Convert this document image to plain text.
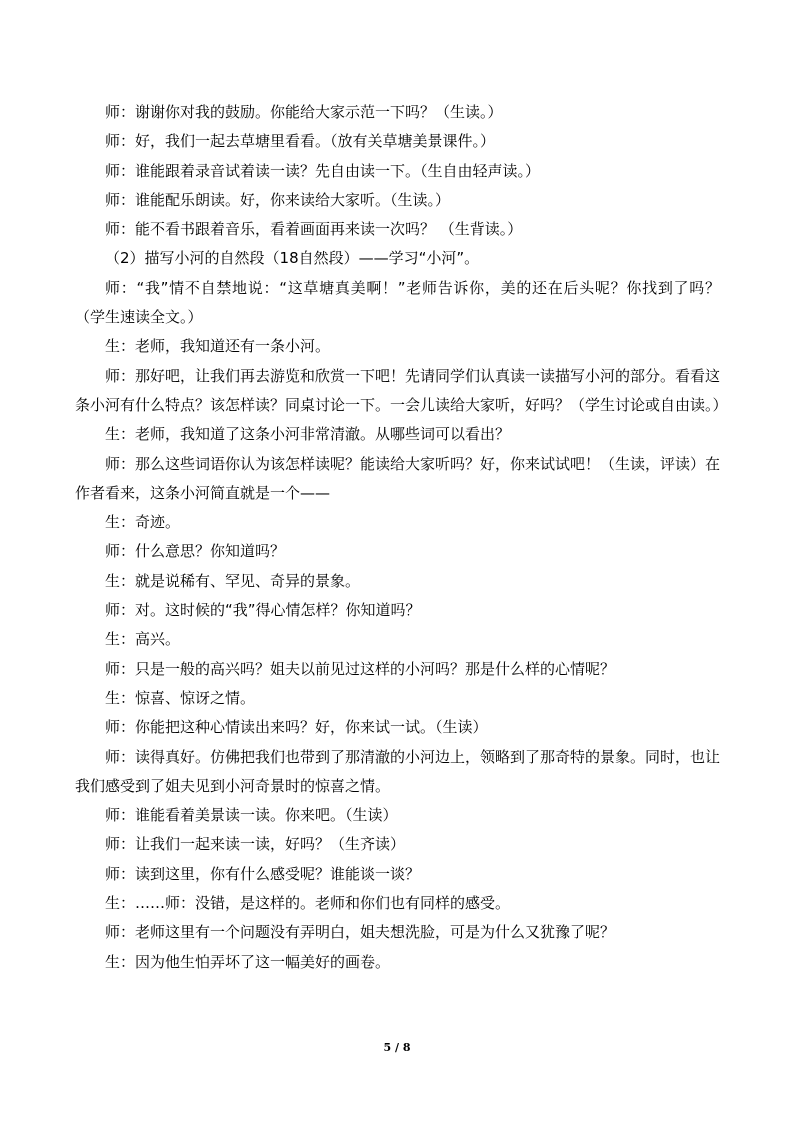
师：谢谢你对我的鼓励。你能给大家示范一下吗？（生读。）

师：好，我们一起去草塘里看看。（放有关草塘美景课件。）

师：谁能跟着录音试着读一读？先自由读一下。（生自由轻声读。）

师：谁能配乐朗读。好，你来读给大家听。（生读。）

师：能不看书跟着音乐，看着画面再来读一次吗？ （生背读。）

（2）描写小河的自然段（18自然段）——学习“小河”。

师：“我”情不自禁地说：“这草塘真美啊！”老师告诉你，美的还在后头呢？你找到了吗？（学生速读全文。）

生：老师，我知道还有一条小河。

师：那好吧，让我们再去游览和欣赏一下吧！先请同学们认真读一读描写小河的部分。看看这条小河有什么特点？该怎样读？同桌讨论一下。一会儿读给大家听，好吗？（学生讨论或自由读。）

生：老师，我知道了这条小河非常清澈。从哪些词可以看出？

师：那么这些词语你认为该怎样读呢？能读给大家听吗？好，你来试试吧！（生读，评读）在作者看来，这条小河简直就是一个——

生：奇迹。

师：什么意思？你知道吗？

生：就是说稀有、罕见、奇异的景象。

师：对。这时候的“我”得心情怎样？你知道吗？

生：高兴。

师：只是一般的高兴吗？姐夫以前见过这样的小河吗？那是什么样的心情呢？

生：惊喜、惊讶之情。

师：你能把这种心情读出来吗？好，你来试一试。（生读）

师：读得真好。仿佛把我们也带到了那清澈的小河边上，领略到了那奇特的景象。同时，也让我们感受到了姐夫见到小河奇景时的惊喜之情。

师：谁能看着美景读一读。你来吧。（生读）

师：让我们一起来读一读，好吗？（生齐读）

师：读到这里，你有什么感受呢？谁能谈一谈？

生：……师：没错，是这样的。老师和你们也有同样的感受。

师：老师这里有一个问题没有弄明白，姐夫想洗脸，可是为什么又犹豫了呢？

生：因为他生怕弄坏了这一幅美好的画卷。

5 / 8
